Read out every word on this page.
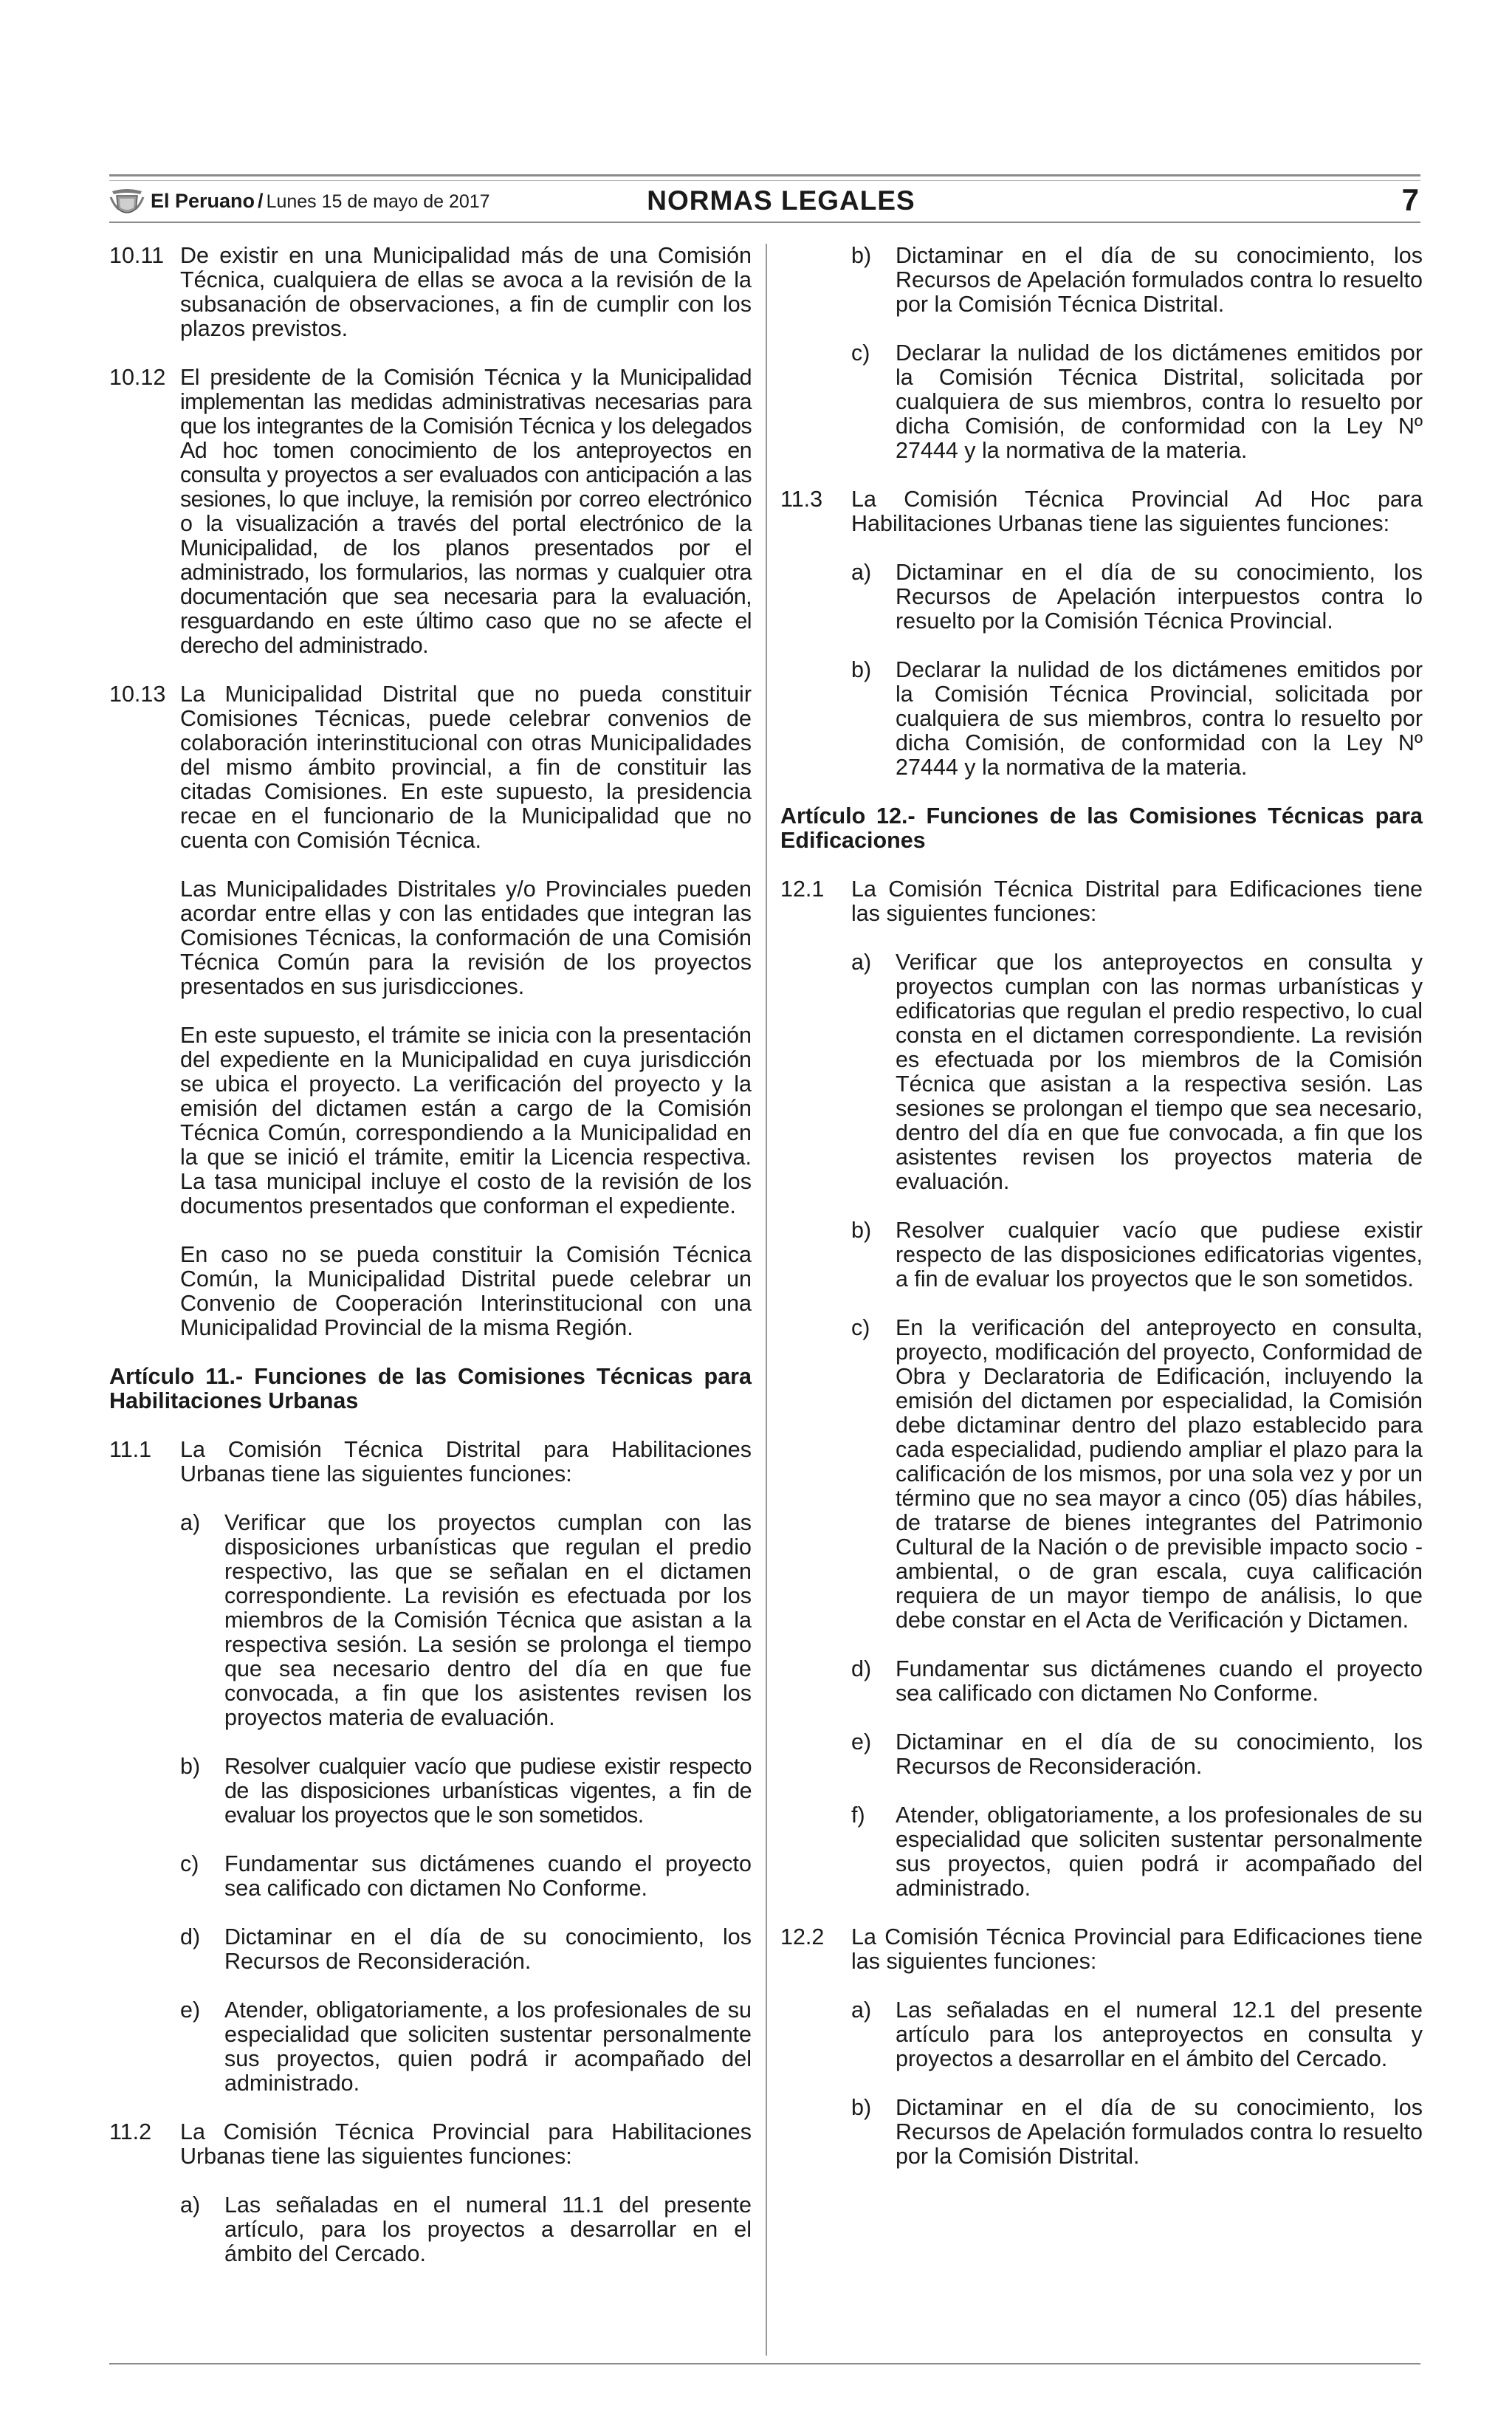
El Peruano / Lunes 15 de mayo de 2017	NORMAS LEGALES	7
10.11 De existir en una Municipalidad más de una Comisión Técnica, cualquiera de ellas se avoca a la revisión de la subsanación de observaciones, a fin de cumplir con los plazos previstos.

10.12 El presidente de la Comisión Técnica y la Municipalidad implementan las medidas administrativas necesarias para que los integrantes de la Comisión Técnica y los delegados Ad hoc tomen conocimiento de los anteproyectos en consulta y proyectos a ser evaluados con anticipación a las sesiones, lo que incluye, la remisión por correo electrónico o la visualización a través del portal electrónico de la Municipalidad, de los planos presentados por el administrado, los formularios, las normas y cualquier otra documentación que sea necesaria para la evaluación, resguardando en este último caso que no se afecte el derecho del administrado.

10.13 La Municipalidad Distrital que no pueda constituir Comisiones Técnicas, puede celebrar convenios de colaboración interinstitucional con otras Municipalidades del mismo ámbito provincial, a fin de constituir las citadas Comisiones. En este supuesto, la presidencia recae en el funcionario de la Municipalidad que no cuenta con Comisión Técnica.

Las Municipalidades Distritales y/o Provinciales pueden acordar entre ellas y con las entidades que integran las Comisiones Técnicas, la conformación de una Comisión Técnica Común para la revisión de los proyectos presentados en sus jurisdicciones.

En este supuesto, el trámite se inicia con la presentación del expediente en la Municipalidad en cuya jurisdicción se ubica el proyecto. La verificación del proyecto y la emisión del dictamen están a cargo de la Comisión Técnica Común, correspondiendo a la Municipalidad en la que se inició el trámite, emitir la Licencia respectiva. La tasa municipal incluye el costo de la revisión de los documentos presentados que conforman el expediente.

En caso no se pueda constituir la Comisión Técnica Común, la Municipalidad Distrital puede celebrar un Convenio de Cooperación Interinstitucional con una Municipalidad Provincial de la misma Región.

Artículo 11.- Funciones de las Comisiones Técnicas para Habilitaciones Urbanas

11.1	La Comisión Técnica Distrital para Habilitaciones Urbanas tiene las siguientes funciones:

a)	Verificar que los proyectos cumplan con las disposiciones urbanísticas que regulan el predio respectivo, las que se señalan en el dictamen correspondiente. La revisión es efectuada por los miembros de la Comisión Técnica que asistan a la respectiva sesión. La sesión se prolonga el tiempo que sea necesario dentro del día en que fue convocada, a fin que los asistentes revisen los proyectos materia de evaluación.
b)	Resolver cualquier vacío que pudiese existir respecto de las disposiciones urbanísticas vigentes, a fin de evaluar los proyectos que le son sometidos.
c)	Fundamentar sus dictámenes cuando el proyecto sea calificado con dictamen No Conforme.
d)	Dictaminar en el día de su conocimiento, los Recursos de Reconsideración.
e)	Atender, obligatoriamente, a los profesionales de su especialidad que soliciten sustentar personalmente sus proyectos, quien podrá ir acompañado del administrado.
11.2	La Comisión Técnica Provincial para Habilitaciones Urbanas tiene las siguientes funciones:

a)	Las señaladas en el numeral 11.1 del presente artículo, para los proyectos a desarrollar en el ámbito del Cercado.
b)	Dictaminar en el día de su conocimiento, los Recursos de Apelación formulados contra lo resuelto por la Comisión Técnica Distrital.
c)	Declarar la nulidad de los dictámenes emitidos por la Comisión Técnica Distrital, solicitada por cualquiera de sus miembros, contra lo resuelto por dicha Comisión, de conformidad con la Ley Nº 27444 y la normativa de la materia.
11.3	La Comisión Técnica Provincial Ad Hoc para Habilitaciones Urbanas tiene las siguientes funciones:

a)	Dictaminar en el día de su conocimiento, los Recursos de Apelación interpuestos contra lo resuelto por la Comisión Técnica Provincial.
b)	Declarar la nulidad de los dictámenes emitidos por la Comisión Técnica Provincial, solicitada por cualquiera de sus miembros, contra lo resuelto por dicha Comisión, de conformidad con la Ley Nº 27444 y la normativa de la materia.

Artículo 12.- Funciones de las Comisiones Técnicas para Edificaciones

12.1	La Comisión Técnica Distrital para Edificaciones tiene las siguientes funciones:

a)	Verificar que los anteproyectos en consulta y proyectos cumplan con las normas urbanísticas y edificatorias que regulan el predio respectivo, lo cual consta en el dictamen correspondiente. La revisión es efectuada por los miembros de la Comisión Técnica que asistan a la respectiva sesión. Las sesiones se prolongan el tiempo que sea necesario, dentro del día en que fue convocada, a fin que los asistentes revisen los proyectos materia de evaluación.
b)	Resolver cualquier vacío que pudiese existir respecto de las disposiciones edificatorias vigentes, a fin de evaluar los proyectos que le son sometidos.
c)	En la verificación del anteproyecto en consulta, proyecto, modificación del proyecto, Conformidad de Obra y Declaratoria de Edificación, incluyendo la emisión del dictamen por especialidad, la Comisión debe dictaminar dentro del plazo establecido para cada especialidad, pudiendo ampliar el plazo para la calificación de los mismos, por una sola vez y por un término que no sea mayor a cinco (05) días hábiles, de tratarse de bienes integrantes del Patrimonio Cultural de la Nación o de previsible impacto socio - ambiental, o de gran escala, cuya calificación requiera de un mayor tiempo de análisis, lo que debe constar en el Acta de Verificación y Dictamen.
d)	Fundamentar sus dictámenes cuando el proyecto sea calificado con dictamen No Conforme.
e)	Dictaminar en el día de su conocimiento, los Recursos de Reconsideración.
f)	Atender, obligatoriamente, a los profesionales de su especialidad que soliciten sustentar personalmente sus proyectos, quien podrá ir acompañado del administrado.
12.2	La Comisión Técnica Provincial para Edificaciones tiene las siguientes funciones:

a)	Las señaladas en el numeral 12.1 del presente artículo para los anteproyectos en consulta y proyectos a desarrollar en el ámbito del Cercado.
b)	Dictaminar en el día de su conocimiento, los Recursos de Apelación formulados contra lo resuelto por la Comisión Distrital.
